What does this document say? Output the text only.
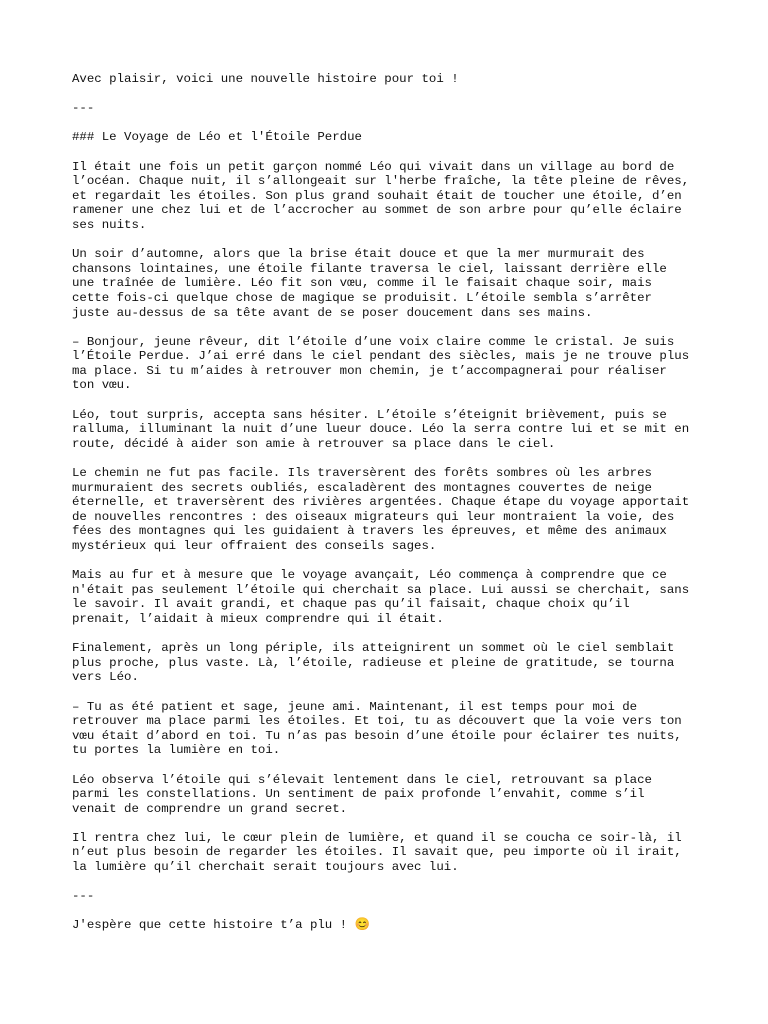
Avec plaisir, voici une nouvelle histoire pour toi !

---

### Le Voyage de Léo et l'Étoile Perdue

Il était une fois un petit garçon nommé Léo qui vivait dans un village au bord de
l’océan. Chaque nuit, il s’allongeait sur l'herbe fraîche, la tête pleine de rêves,
et regardait les étoiles. Son plus grand souhait était de toucher une étoile, d’en
ramener une chez lui et de l’accrocher au sommet de son arbre pour qu’elle éclaire
ses nuits.

Un soir d’automne, alors que la brise était douce et que la mer murmurait des
chansons lointaines, une étoile filante traversa le ciel, laissant derrière elle
une traînée de lumière. Léo fit son vœu, comme il le faisait chaque soir, mais
cette fois-ci quelque chose de magique se produisit. L’étoile sembla s’arrêter
juste au-dessus de sa tête avant de se poser doucement dans ses mains.

– Bonjour, jeune rêveur, dit l’étoile d’une voix claire comme le cristal. Je suis
l’Étoile Perdue. J’ai erré dans le ciel pendant des siècles, mais je ne trouve plus
ma place. Si tu m’aides à retrouver mon chemin, je t’accompagnerai pour réaliser
ton vœu.

Léo, tout surpris, accepta sans hésiter. L’étoile s’éteignit brièvement, puis se
ralluma, illuminant la nuit d’une lueur douce. Léo la serra contre lui et se mit en
route, décidé à aider son amie à retrouver sa place dans le ciel.

Le chemin ne fut pas facile. Ils traversèrent des forêts sombres où les arbres
murmuraient des secrets oubliés, escaladèrent des montagnes couvertes de neige
éternelle, et traversèrent des rivières argentées. Chaque étape du voyage apportait
de nouvelles rencontres : des oiseaux migrateurs qui leur montraient la voie, des
fées des montagnes qui les guidaient à travers les épreuves, et même des animaux
mystérieux qui leur offraient des conseils sages.

Mais au fur et à mesure que le voyage avançait, Léo commença à comprendre que ce
n'était pas seulement l’étoile qui cherchait sa place. Lui aussi se cherchait, sans
le savoir. Il avait grandi, et chaque pas qu’il faisait, chaque choix qu’il
prenait, l’aidait à mieux comprendre qui il était.

Finalement, après un long périple, ils atteignirent un sommet où le ciel semblait
plus proche, plus vaste. Là, l’étoile, radieuse et pleine de gratitude, se tourna
vers Léo.

– Tu as été patient et sage, jeune ami. Maintenant, il est temps pour moi de
retrouver ma place parmi les étoiles. Et toi, tu as découvert que la voie vers ton
vœu était d’abord en toi. Tu n’as pas besoin d’une étoile pour éclairer tes nuits,
tu portes la lumière en toi.

Léo observa l’étoile qui s’élevait lentement dans le ciel, retrouvant sa place
parmi les constellations. Un sentiment de paix profonde l’envahit, comme s’il
venait de comprendre un grand secret.

Il rentra chez lui, le cœur plein de lumière, et quand il se coucha ce soir-là, il
n’eut plus besoin de regarder les étoiles. Il savait que, peu importe où il irait,
la lumière qu’il cherchait serait toujours avec lui.

---

J'espère que cette histoire t’a plu ! 😊
